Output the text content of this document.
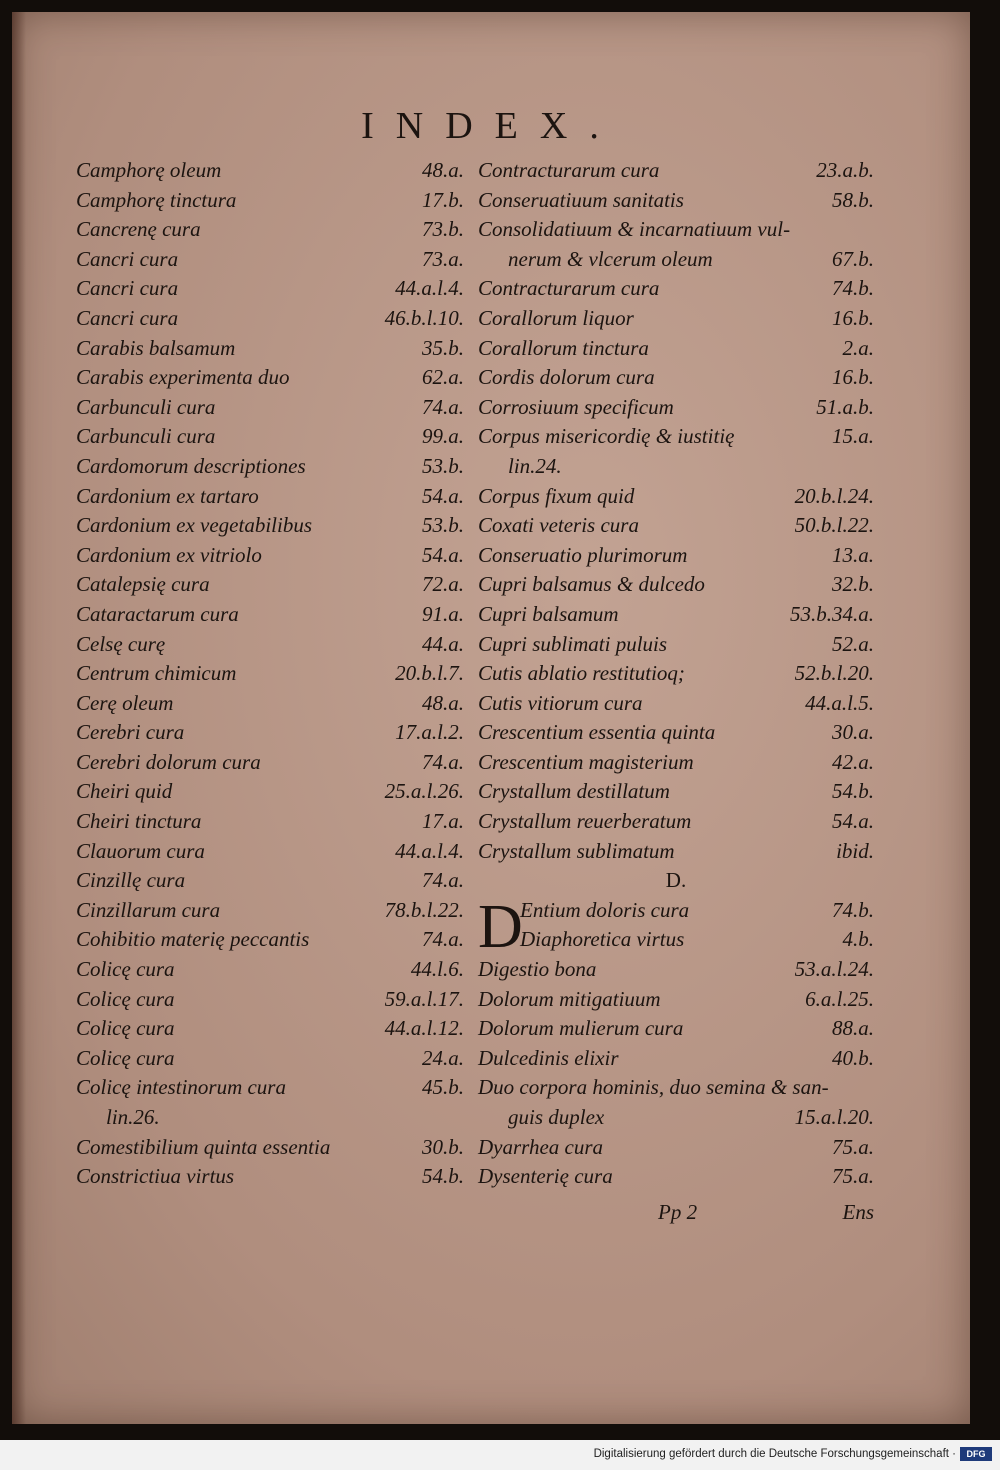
INDEX.
Camphorę oleum	48.a.
Camphorę tinctura	17.b.
Cancrenę cura	73.b.
Cancri cura	73.a.
Cancri cura	44.a.l.4.
Cancri cura	46.b.l.10.
Carabis balsamum	35.b.
Carabis experimenta duo	62.a.
Carbunculi cura	74.a.
Carbunculi cura	99.a.
Cardomorum descriptiones	53.b.
Cardonium ex tartaro	54.a.
Cardonium ex vegetabilibus	53.b.
Cardonium ex vitriolo	54.a.
Catalepsię cura	72.a.
Cataractarum cura	91.a.
Celsę curę	44.a.
Centrum chimicum	20.b.l.7.
Cerę oleum	48.a.
Cerebri cura	17.a.l.2.
Cerebri dolorum cura	74.a.
Cheiri quid	25.a.l.26.
Cheiri tinctura	17.a.
Clauorum cura	44.a.l.4.
Cinzillę cura	74.a.
Cinzillarum cura	78.b.l.22.
Cohibitio materię peccantis	74.a.
Colicę cura	44.l.6.
Colicę cura	59.a.l.17.
Colicę cura	44.a.l.12.
Colicę cura	24.a.
Colicę intestinorum cura	45.b.
lin.26.
Comestibilium quinta essentia	30.b.
Constrictiua virtus	54.b.
Contracturarum cura	23.a.b.
Conseruatiuum sanitatis	58.b.
Consolidatiuum & incarnatiuum vul-
nerum & vlcerum oleum	67.b.
Contracturarum cura	74.b.
Corallorum liquor	16.b.
Corallorum tinctura	2.a.
Cordis dolorum cura	16.b.
Corrosiuum specificum	51.a.b.
Corpus misericordię & iustitię	15.a.
lin.24.
Corpus fixum quid	20.b.l.24.
Coxati veteris cura	50.b.l.22.
Conseruatio plurimorum	13.a.
Cupri balsamus & dulcedo	32.b.
Cupri balsamum	53.b.34.a.
Cupri sublimati puluis	52.a.
Cutis ablatio restitutioq;	52.b.l.20.
Cutis vitiorum cura	44.a.l.5.
Crescentium essentia quinta	30.a.
Crescentium magisterium	42.a.
Crystallum destillatum	54.b.
Crystallum reuerberatum	54.a.
Crystallum sublimatum	ibid.
D.
D
Entium doloris cura	74.b.
Diaphoretica virtus	4.b.
Digestio bona	53.a.l.24.
Dolorum mitigatiuum	6.a.l.25.
Dolorum mulierum cura	88.a.
Dulcedinis elixir	40.b.
Duo corpora hominis, duo semina & san-
guis duplex	15.a.l.20.
Dyarrhea cura	75.a.
Dysenterię cura	75.a.
Pp 2	Ens
Digitalisierung gefördert durch die Deutsche Forschungsgemeinschaft ·	DFG
